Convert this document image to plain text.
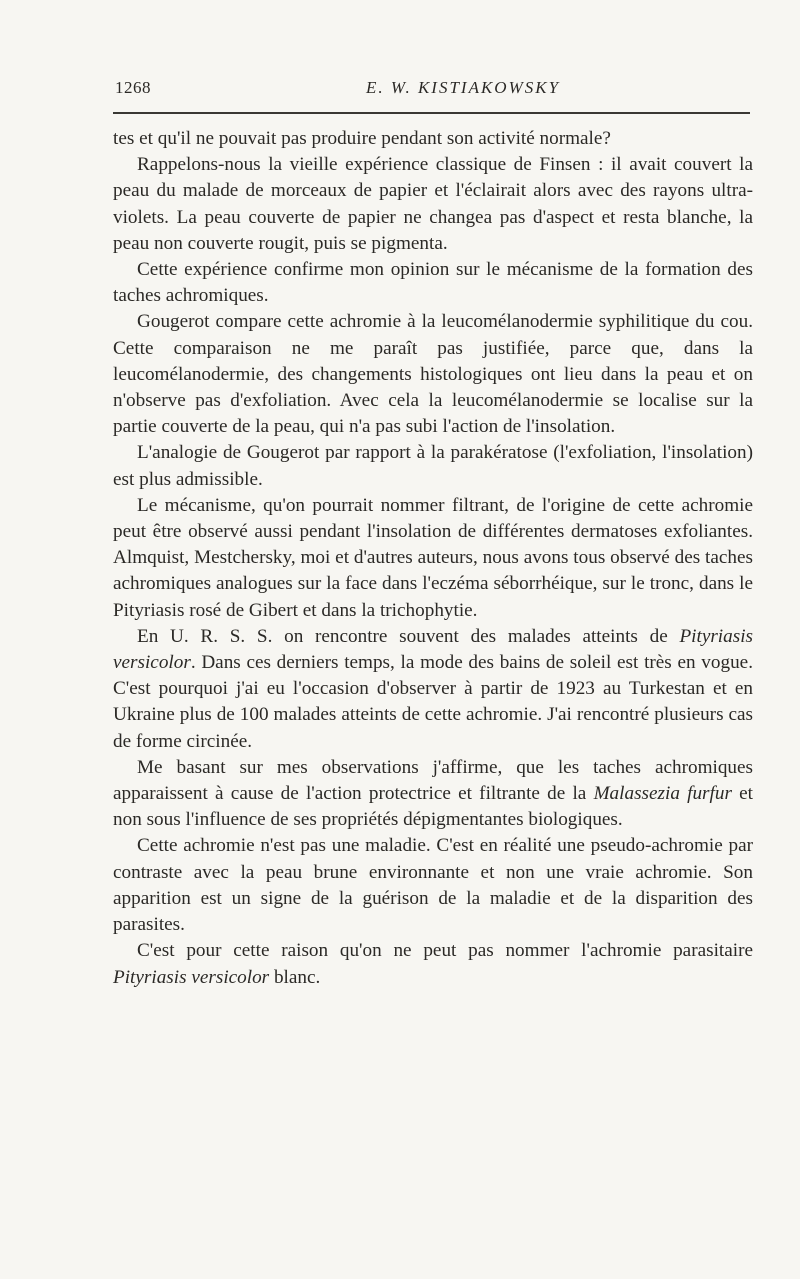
1268	E. W. KISTIAKOWSKY

tes et qu'il ne pouvait pas produire pendant son activité normale?

Rappelons-nous la vieille expérience classique de Finsen : il avait couvert la peau du malade de morceaux de papier et l'éclairait alors avec des rayons ultra-violets. La peau couverte de papier ne changea pas d'aspect et resta blanche, la peau non couverte rougit, puis se pigmenta.

Cette expérience confirme mon opinion sur le mécanisme de la formation des taches achromiques.

Gougerot compare cette achromie à la leucomélanodermie syphilitique du cou. Cette comparaison ne me paraît pas justifiée, parce que, dans la leucomélanodermie, des changements histologiques ont lieu dans la peau et on n'observe pas d'exfoliation. Avec cela la leucomélanodermie se localise sur la partie couverte de la peau, qui n'a pas subi l'action de l'insolation.

L'analogie de Gougerot par rapport à la parakératose (l'exfoliation, l'insolation) est plus admissible.

Le mécanisme, qu'on pourrait nommer filtrant, de l'origine de cette achromie peut être observé aussi pendant l'insolation de différentes dermatoses exfoliantes. Almquist, Mestchersky, moi et d'autres auteurs, nous avons tous observé des taches achromiques analogues sur la face dans l'eczéma séborrhéique, sur le tronc, dans le Pityriasis rosé de Gibert et dans la trichophytie.

En U. R. S. S. on rencontre souvent des malades atteints de Pityriasis versicolor. Dans ces derniers temps, la mode des bains de soleil est très en vogue. C'est pourquoi j'ai eu l'occasion d'observer à partir de 1923 au Turkestan et en Ukraine plus de 100 malades atteints de cette achromie. J'ai rencontré plusieurs cas de forme circinée.

Me basant sur mes observations j'affirme, que les taches achromiques apparaissent à cause de l'action protectrice et filtrante de la Malassezia furfur et non sous l'influence de ses propriétés dépigmentantes biologiques.

Cette achromie n'est pas une maladie. C'est en réalité une pseudo-achromie par contraste avec la peau brune environnante et non une vraie achromie. Son apparition est un signe de la guérison de la maladie et de la disparition des parasites.

C'est pour cette raison qu'on ne peut pas nommer l'achromie parasitaire Pityriasis versicolor blanc.
